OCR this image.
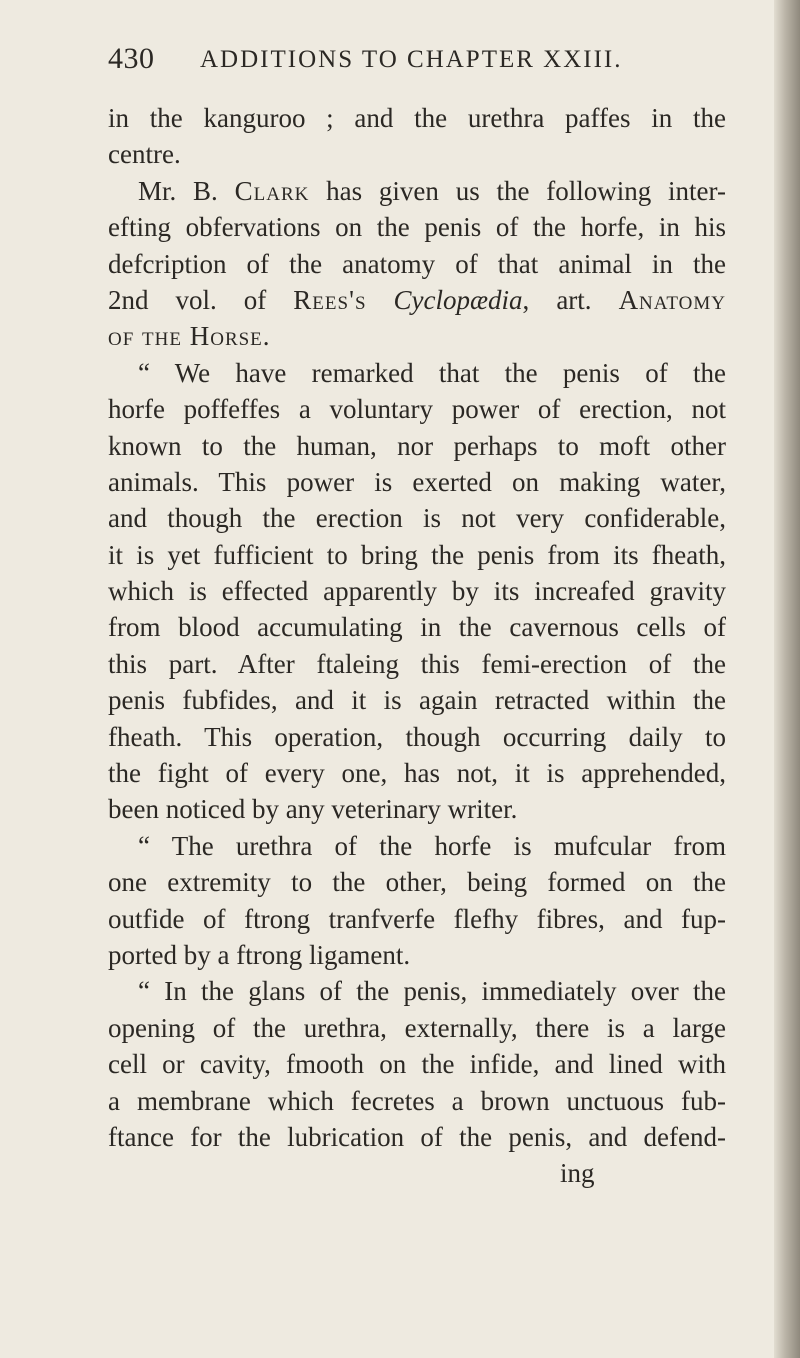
430 ADDITIONS TO CHAPTER XXIII.

in the kanguroo ; and the urethra paffes in the
centre.

Mr. B. Clark has given us the following inter-
efting obfervations on the penis of the horfe, in his
defcription of the anatomy of that animal in the
2nd vol. of Rees's Cyclopædia, art. Anatomy
of the Horse.

“ We have remarked that the penis of the
horfe poffeffes a voluntary power of erection, not
known to the human, nor perhaps to moft other
animals. This power is exerted on making water,
and though the erection is not very confiderable,
it is yet fufficient to bring the penis from its fheath,
which is effected apparently by its increafed gravity
from blood accumulating in the cavernous cells of
this part. After ftaleing this femi-erection of the
penis fubfides, and it is again retracted within the
fheath. This operation, though occurring daily to
the fight of every one, has not, it is apprehended,
been noticed by any veterinary writer.

“ The urethra of the horfe is mufcular from
one extremity to the other, being formed on the
outfide of ftrong tranfverfe flefhy fibres, and fup-
ported by a ftrong ligament.

“ In the glans of the penis, immediately over the
opening of the urethra, externally, there is a large
cell or cavity, fmooth on the infide, and lined with
a membrane which fecretes a brown unctuous fub-
ftance for the lubrication of the penis, and defend-

ing
